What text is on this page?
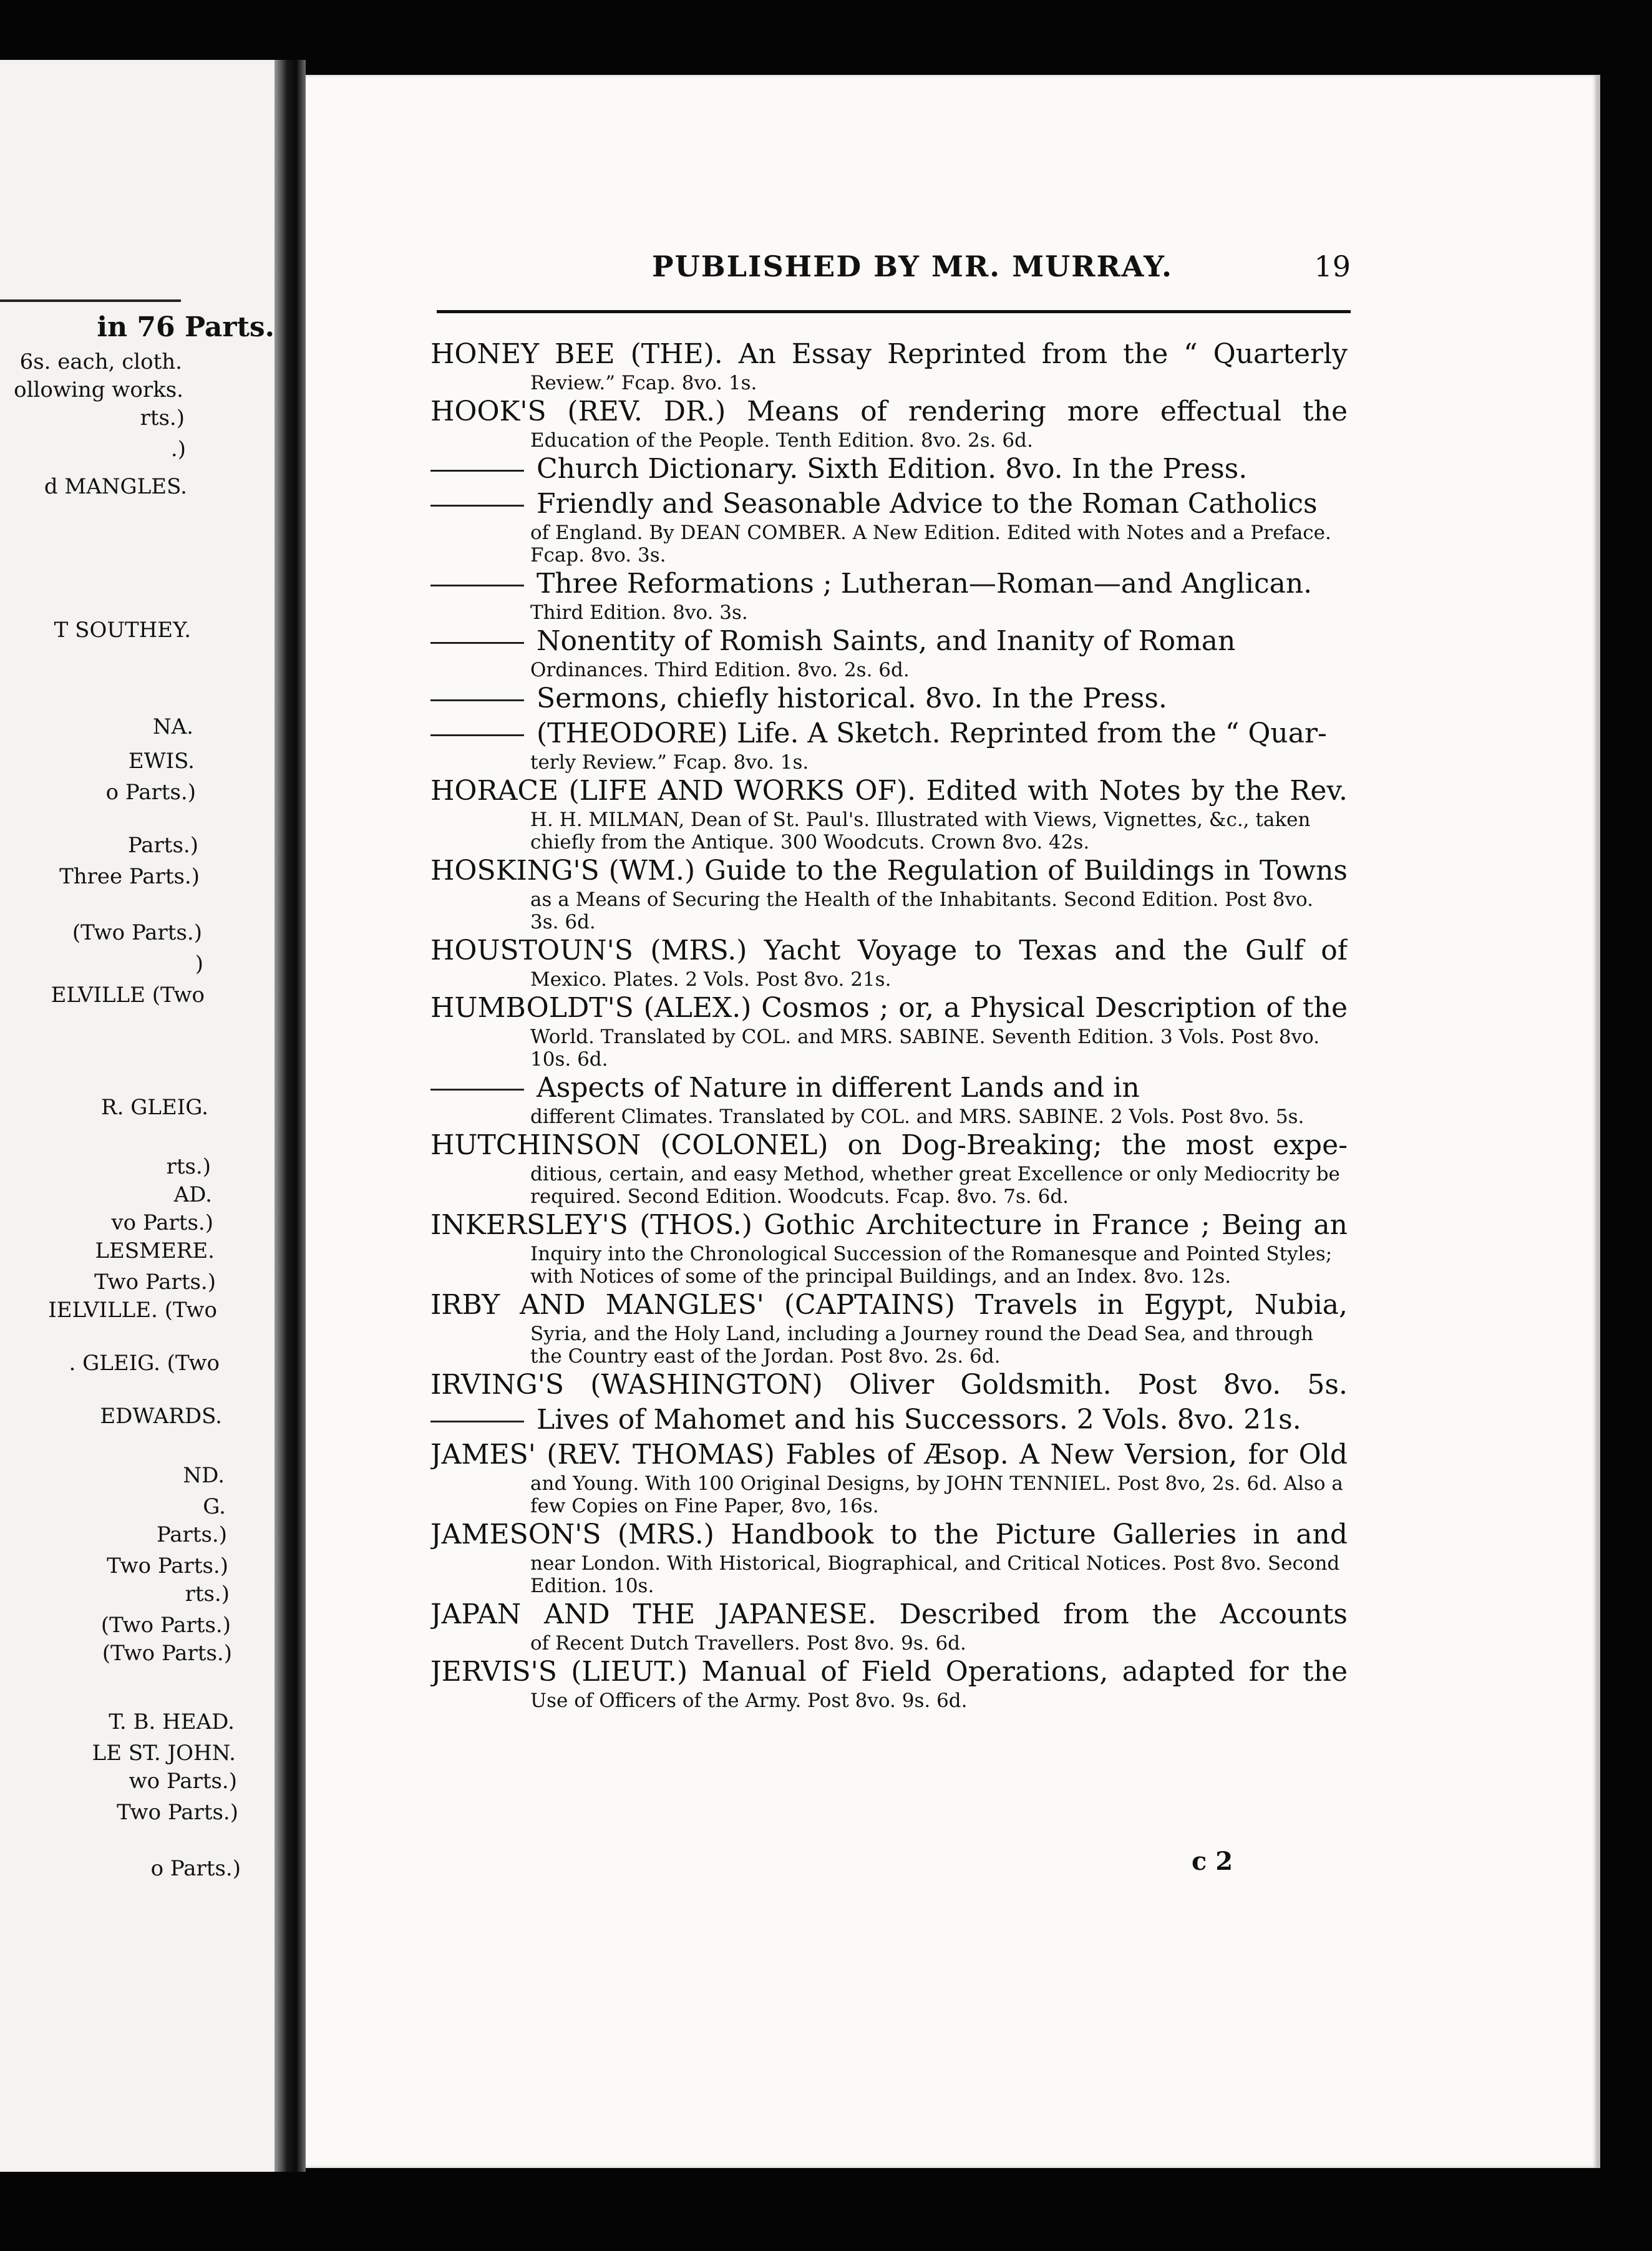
in 76 Parts.
6s. each, cloth.
ollowing works.
rts.)
.)
d MANGLES.
T SOUTHEY.
NA.
EWIS.
o Parts.)
Parts.)
Three Parts.)
(Two Parts.)
)
ELVILLE (Two
R. GLEIG.
rts.)
AD.
vo Parts.)
LESMERE.
Two Parts.)
IELVILLE. (Two
. GLEIG. (Two
EDWARDS.
ND.
G.
Parts.)
Two Parts.)
rts.)
(Two Parts.)
(Two Parts.)
T. B. HEAD.
LE ST. JOHN.
wo Parts.)
Two Parts.)
o Parts.)
PUBLISHED BY MR. MURRAY.	19
HONEY BEE (THE). An Essay Reprinted from the “ Quarterly
Review.” Fcap. 8vo. 1s.
HOOK'S (REV. DR.) Means of rendering more effectual the
Education of the People. Tenth Edition. 8vo. 2s. 6d.
Church Dictionary. Sixth Edition. 8vo. In the Press.
Friendly and Seasonable Advice to the Roman Catholics
of England. By DEAN COMBER. A New Edition. Edited with Notes and a Preface. Fcap. 8vo. 3s.
Three Reformations ; Lutheran—Roman—and Anglican.
Third Edition. 8vo. 3s.
Nonentity of Romish Saints, and Inanity of Roman
Ordinances. Third Edition. 8vo. 2s. 6d.
Sermons, chiefly historical. 8vo. In the Press.
(THEODORE) Life. A Sketch. Reprinted from the “ Quar-
terly Review.” Fcap. 8vo. 1s.
HORACE (LIFE AND WORKS OF). Edited with Notes by the Rev.
H. H. MILMAN, Dean of St. Paul's. Illustrated with Views, Vignettes, &c., taken chiefly from the Antique. 300 Woodcuts. Crown 8vo. 42s.
HOSKING'S (WM.) Guide to the Regulation of Buildings in Towns
as a Means of Securing the Health of the Inhabitants. Second Edition. Post 8vo. 3s. 6d.
HOUSTOUN'S (MRS.) Yacht Voyage to Texas and the Gulf of
Mexico. Plates. 2 Vols. Post 8vo. 21s.
HUMBOLDT'S (ALEX.) Cosmos ; or, a Physical Description of the
World. Translated by COL. and MRS. SABINE. Seventh Edition. 3 Vols. Post 8vo. 10s. 6d.
Aspects of Nature in different Lands and in
different Climates. Translated by COL. and MRS. SABINE. 2 Vols. Post 8vo. 5s.
HUTCHINSON (COLONEL) on Dog-Breaking; the most expe-
ditious, certain, and easy Method, whether great Excellence or only Mediocrity be required. Second Edition. Woodcuts. Fcap. 8vo. 7s. 6d.
INKERSLEY'S (THOS.) Gothic Architecture in France ; Being an
Inquiry into the Chronological Succession of the Romanesque and Pointed Styles; with Notices of some of the principal Buildings, and an Index. 8vo. 12s.
IRBY AND MANGLES' (CAPTAINS) Travels in Egypt, Nubia,
Syria, and the Holy Land, including a Journey round the Dead Sea, and through the Country east of the Jordan. Post 8vo. 2s. 6d.
IRVING'S (WASHINGTON) Oliver Goldsmith. Post 8vo. 5s.
Lives of Mahomet and his Successors. 2 Vols. 8vo. 21s.
JAMES' (REV. THOMAS) Fables of Æsop. A New Version, for Old
and Young. With 100 Original Designs, by JOHN TENNIEL. Post 8vo, 2s. 6d. Also a few Copies on Fine Paper, 8vo, 16s.
JAMESON'S (MRS.) Handbook to the Picture Galleries in and
near London. With Historical, Biographical, and Critical Notices. Post 8vo. Second Edition. 10s.
JAPAN AND THE JAPANESE. Described from the Accounts
of Recent Dutch Travellers. Post 8vo. 9s. 6d.
JERVIS'S (LIEUT.) Manual of Field Operations, adapted for the
Use of Officers of the Army. Post 8vo. 9s. 6d.
c 2
